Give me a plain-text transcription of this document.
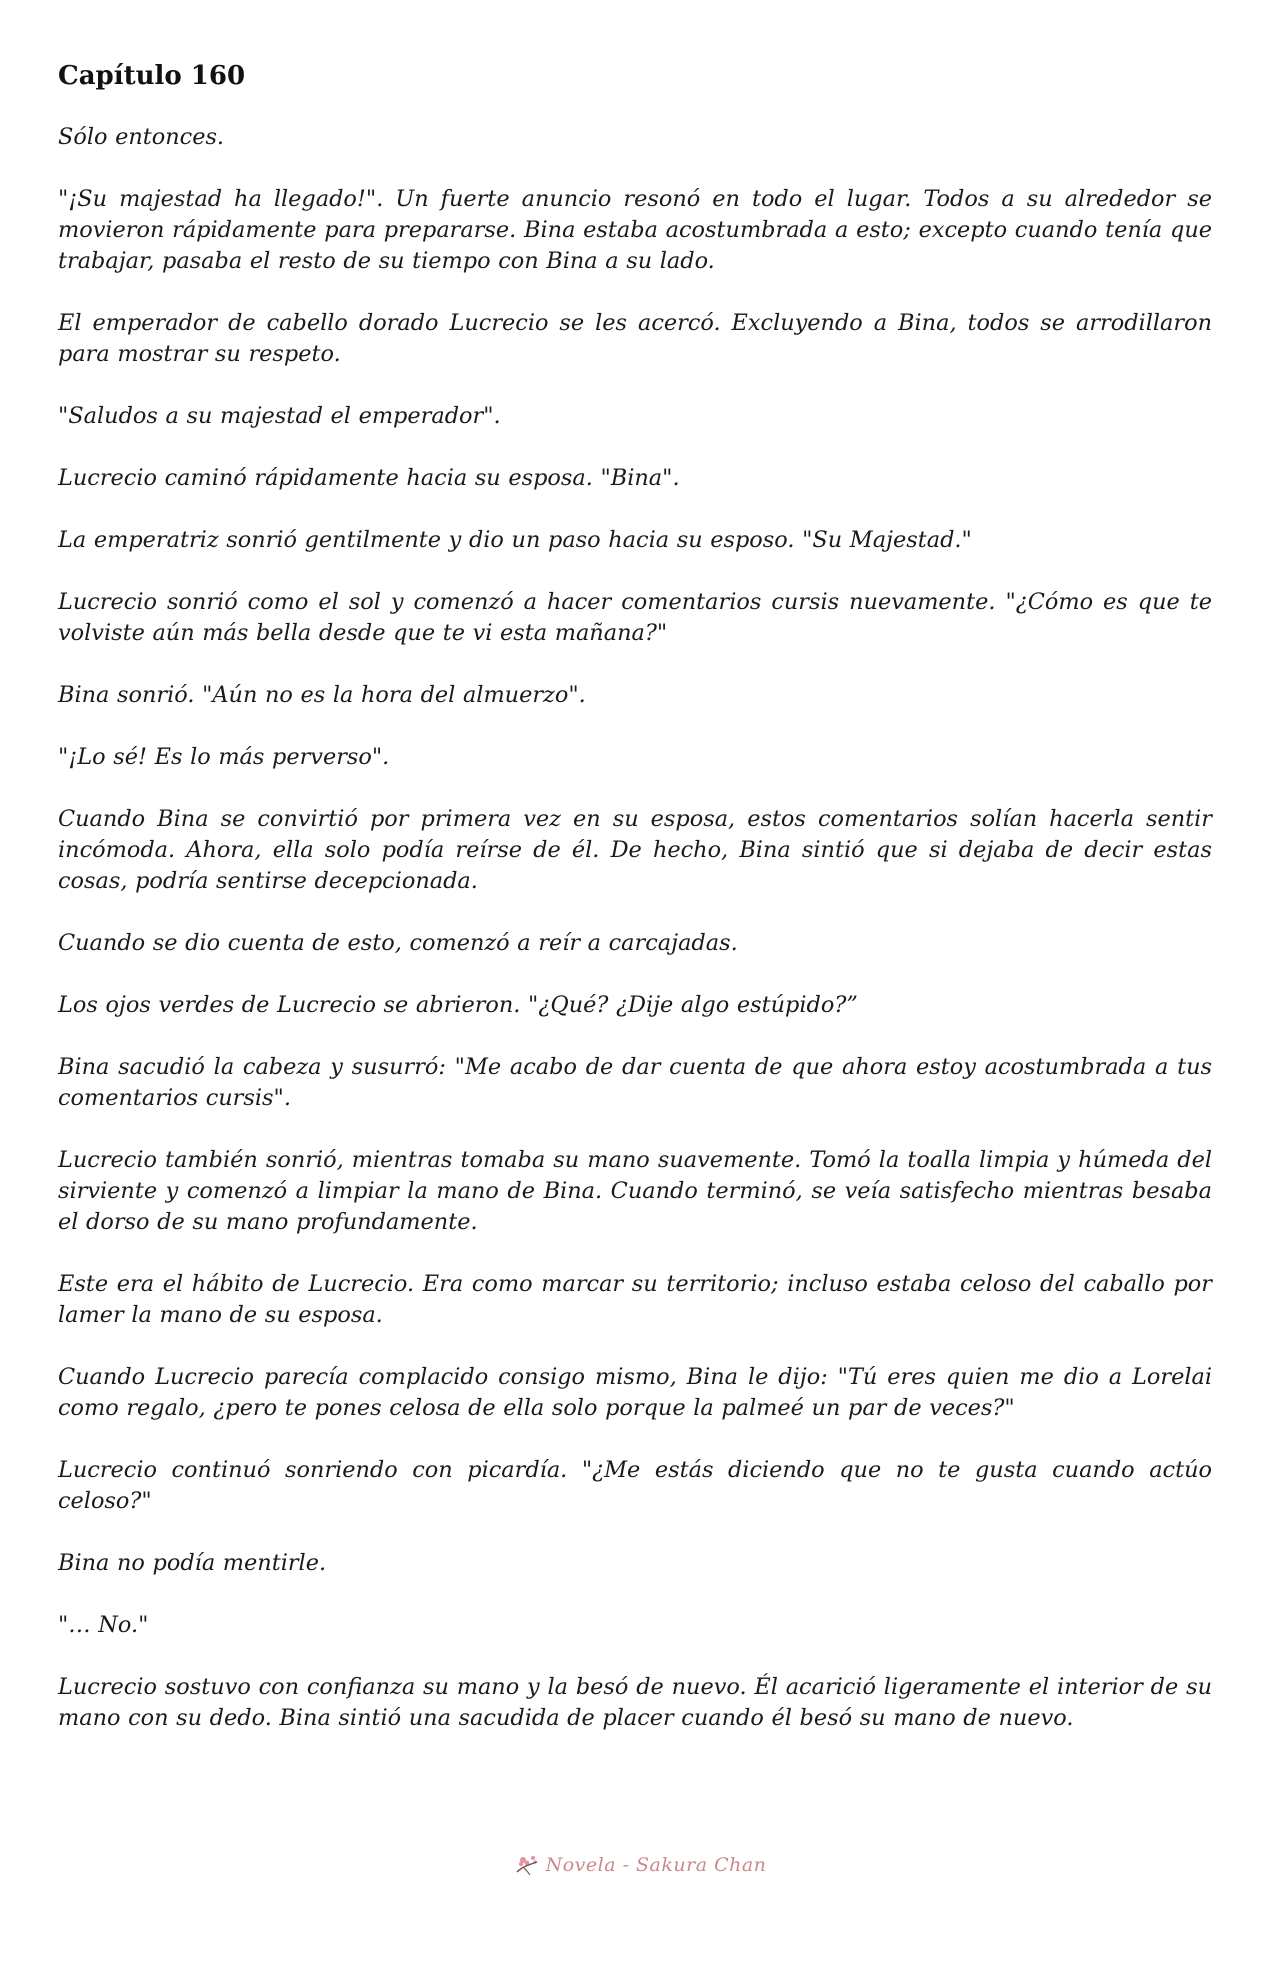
Capítulo 160

Sólo entonces.

"¡Su majestad ha llegado!". Un fuerte anuncio resonó en todo el lugar. Todos a su alrededor se movieron rápidamente para prepararse. Bina estaba acostumbrada a esto; excepto cuando tenía que trabajar, pasaba el resto de su tiempo con Bina a su lado.

El emperador de cabello dorado Lucrecio se les acercó. Excluyendo a Bina, todos se arrodillaron para mostrar su respeto.

"Saludos a su majestad el emperador".

Lucrecio caminó rápidamente hacia su esposa. "Bina".

La emperatriz sonrió gentilmente y dio un paso hacia su esposo. "Su Majestad."

Lucrecio sonrió como el sol y comenzó a hacer comentarios cursis nuevamente. "¿Cómo es que te volviste aún más bella desde que te vi esta mañana?"

Bina sonrió. "Aún no es la hora del almuerzo".

"¡Lo sé! Es lo más perverso".

Cuando Bina se convirtió por primera vez en su esposa, estos comentarios solían hacerla sentir incómoda. Ahora, ella solo podía reírse de él. De hecho, Bina sintió que si dejaba de decir estas cosas, podría sentirse decepcionada.

Cuando se dio cuenta de esto, comenzó a reír a carcajadas.

Los ojos verdes de Lucrecio se abrieron. "¿Qué? ¿Dije algo estúpido?”

Bina sacudió la cabeza y susurró: "Me acabo de dar cuenta de que ahora estoy acostumbrada a tus comentarios cursis".

Lucrecio también sonrió, mientras tomaba su mano suavemente. Tomó la toalla limpia y húmeda del sirviente y comenzó a limpiar la mano de Bina. Cuando terminó, se veía satisfecho mientras besaba el dorso de su mano profundamente.

Este era el hábito de Lucrecio. Era como marcar su territorio; incluso estaba celoso del caballo por lamer la mano de su esposa.

Cuando Lucrecio parecía complacido consigo mismo, Bina le dijo: "Tú eres quien me dio a Lorelai como regalo, ¿pero te pones celosa de ella solo porque la palmeé un par de veces?"

Lucrecio continuó sonriendo con picardía. "¿Me estás diciendo que no te gusta cuando actúo celoso?"

Bina no podía mentirle.

"… No."

Lucrecio sostuvo con confianza su mano y la besó de nuevo. Él acarició ligeramente el interior de su mano con su dedo. Bina sintió una sacudida de placer cuando él besó su mano de nuevo.

Novela - Sakura Chan
